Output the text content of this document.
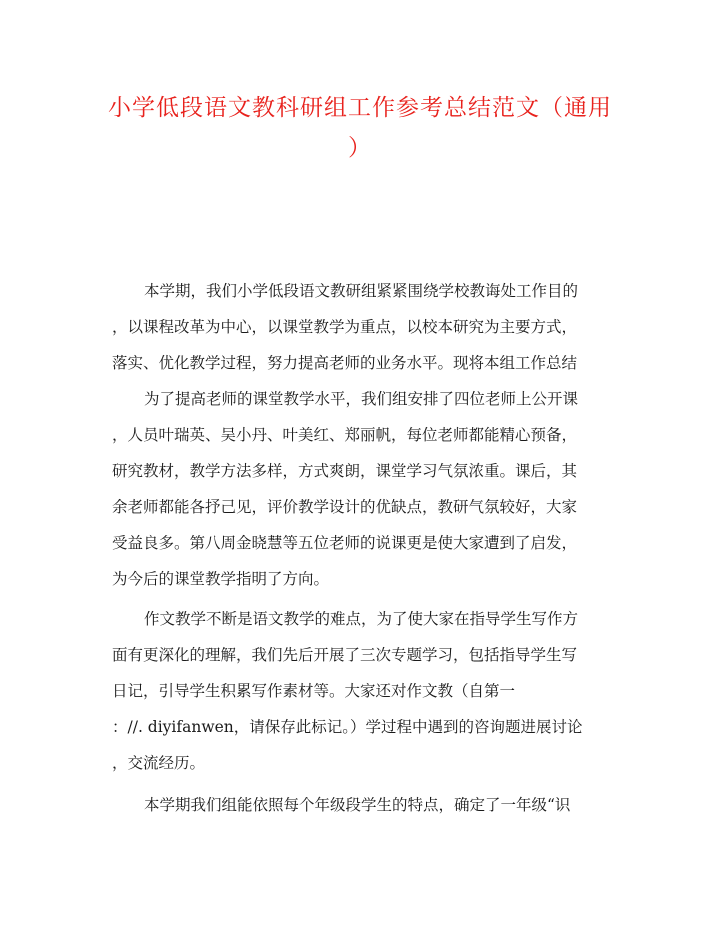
小学低段语文教科研组工作参考总结范文（通用
）
本学期，我们小学低段语文教研组紧紧围绕学校教诲处工作目的
，以课程改革为中心，以课堂教学为重点，以校本研究为主要方式，
落实、优化教学过程，努力提高老师的业务水平。现将本组工作总结
为了提高老师的课堂教学水平，我们组安排了四位老师上公开课
，人员叶瑞英、吴小丹、叶美红、郑丽帆，每位老师都能精心预备，
研究教材，教学方法多样，方式爽朗，课堂学习气氛浓重。课后，其
余老师都能各抒己见，评价教学设计的优缺点，教研气氛较好，大家
受益良多。第八周金晓慧等五位老师的说课更是使大家遭到了启发，
为今后的课堂教学指明了方向。
作文教学不断是语文教学的难点，为了使大家在指导学生写作方
面有更深化的理解，我们先后开展了三次专题学习，包括指导学生写
日记，引导学生积累写作素材等。大家还对作文教（自第一
：//. diyifanwen，请保存此标记。）学过程中遇到的咨询题进展讨论
，交流经历。
本学期我们组能依照每个年级段学生的特点，确定了一年级“识
